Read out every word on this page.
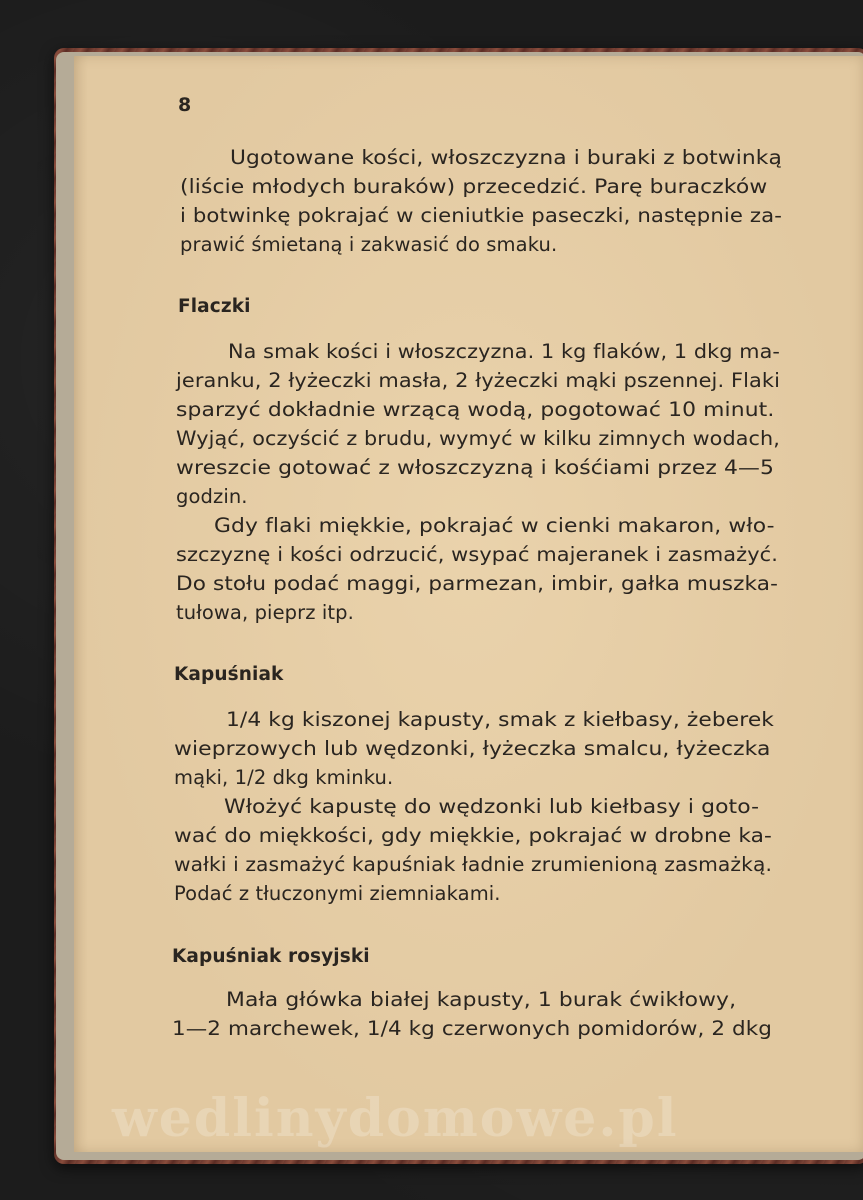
8
Ugotowane kości, włoszczyzna i buraki z botwinką
(liście młodych buraków) przecedzić. Parę buraczków
i botwinkę pokrajać w cieniutkie paseczki, następnie za-
prawić śmietaną i zakwasić do smaku.
Flaczki
Na smak kości i włoszczyzna. 1 kg flaków, 1 dkg ma-
jeranku, 2 łyżeczki masła, 2 łyżeczki mąki pszennej. Flaki
sparzyć dokładnie wrzącą wodą, pogotować 10 minut.
Wyjąć, oczyścić z brudu, wymyć w kilku zimnych wodach,
wreszcie gotować z włoszczyzną i kośćiami przez 4—5
godzin.
Gdy flaki miękkie, pokrajać w cienki makaron, wło-
szczyznę i kości odrzucić, wsypać majeranek i zasmażyć.
Do stołu podać maggi, parmezan, imbir, gałka muszka-
tułowa, pieprz itp.
Kapuśniak
1/4 kg kiszonej kapusty, smak z kiełbasy, żeberek
wieprzowych lub wędzonki, łyżeczka smalcu, łyżeczka
mąki, 1/2 dkg kminku.
Włożyć kapustę do wędzonki lub kiełbasy i goto-
wać do miękkości, gdy miękkie, pokrajać w drobne ka-
wałki i zasmażyć kapuśniak ładnie zrumienioną zasmażką.
Podać z tłuczonymi ziemniakami.
Kapuśniak rosyjski
Mała główka białej kapusty, 1 burak ćwikłowy,
1—2 marchewek, 1/4 kg czerwonych pomidorów, 2 dkg
wedlinydomowe.pl
